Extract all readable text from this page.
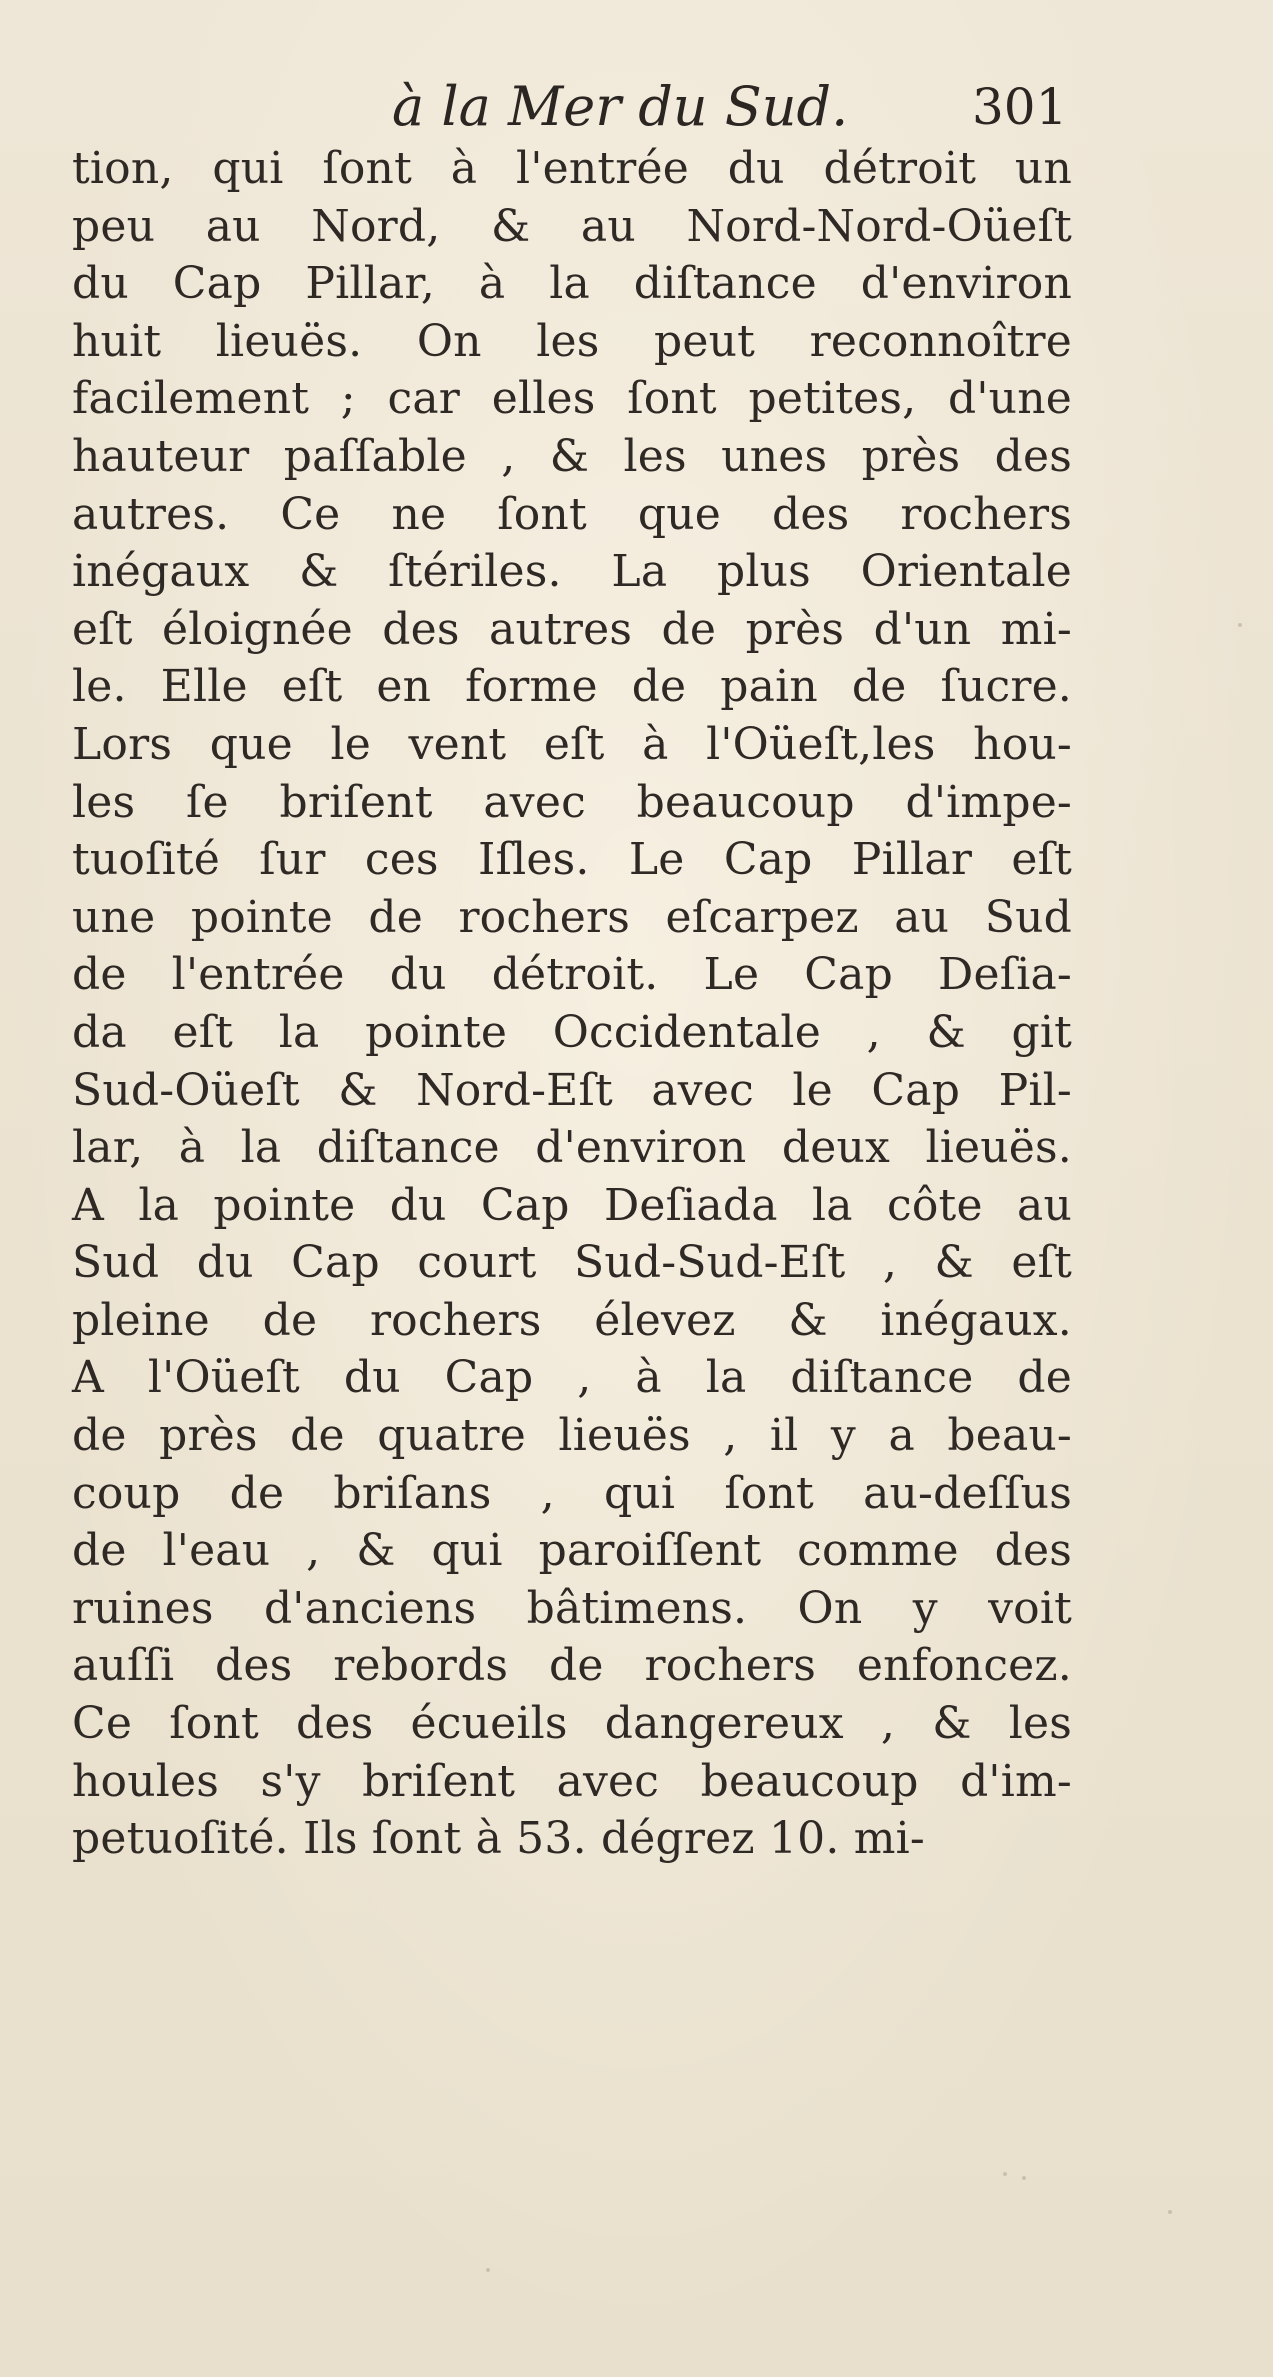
à la Mer du Sud. 301
tion, qui ſont à l'entrée du détroit un
peu au Nord, & au Nord-Nord-Oüeſt
du Cap Pillar, à la diſtance d'environ
huit lieuës. On les peut reconnoître
facilement ; car elles ſont petites, d'une
hauteur paſſable , & les unes près des
autres. Ce ne ſont que des rochers
inégaux & ſtériles. La plus Orientale
eſt éloignée des autres de près d'un mi-
le. Elle eſt en forme de pain de ſucre.
Lors que le vent eſt à l'Oüeſt,les hou-
les ſe briſent avec beaucoup d'impe-
tuoſité ſur ces Iſles. Le Cap Pillar eſt
une pointe de rochers eſcarpez au Sud
de l'entrée du détroit. Le Cap Deſia-
da eſt la pointe Occidentale , & git
Sud-Oüeſt & Nord-Eſt avec le Cap Pil-
lar, à la diſtance d'environ deux lieuës.
A la pointe du Cap Deſiada la côte au
Sud du Cap court Sud-Sud-Eſt , & eſt
pleine de rochers élevez & inégaux.
A l'Oüeſt du Cap , à la diſtance de
de près de quatre lieuës , il y a beau-
coup de briſans , qui ſont au-deſſus
de l'eau , & qui paroiſſent comme des
ruines d'anciens bâtimens. On y voit
auſſi des rebords de rochers enfoncez.
Ce ſont des écueils dangereux , & les
houles s'y briſent avec beaucoup d'im-
petuoſité. Ils ſont à 53. dégrez 10. mi-
